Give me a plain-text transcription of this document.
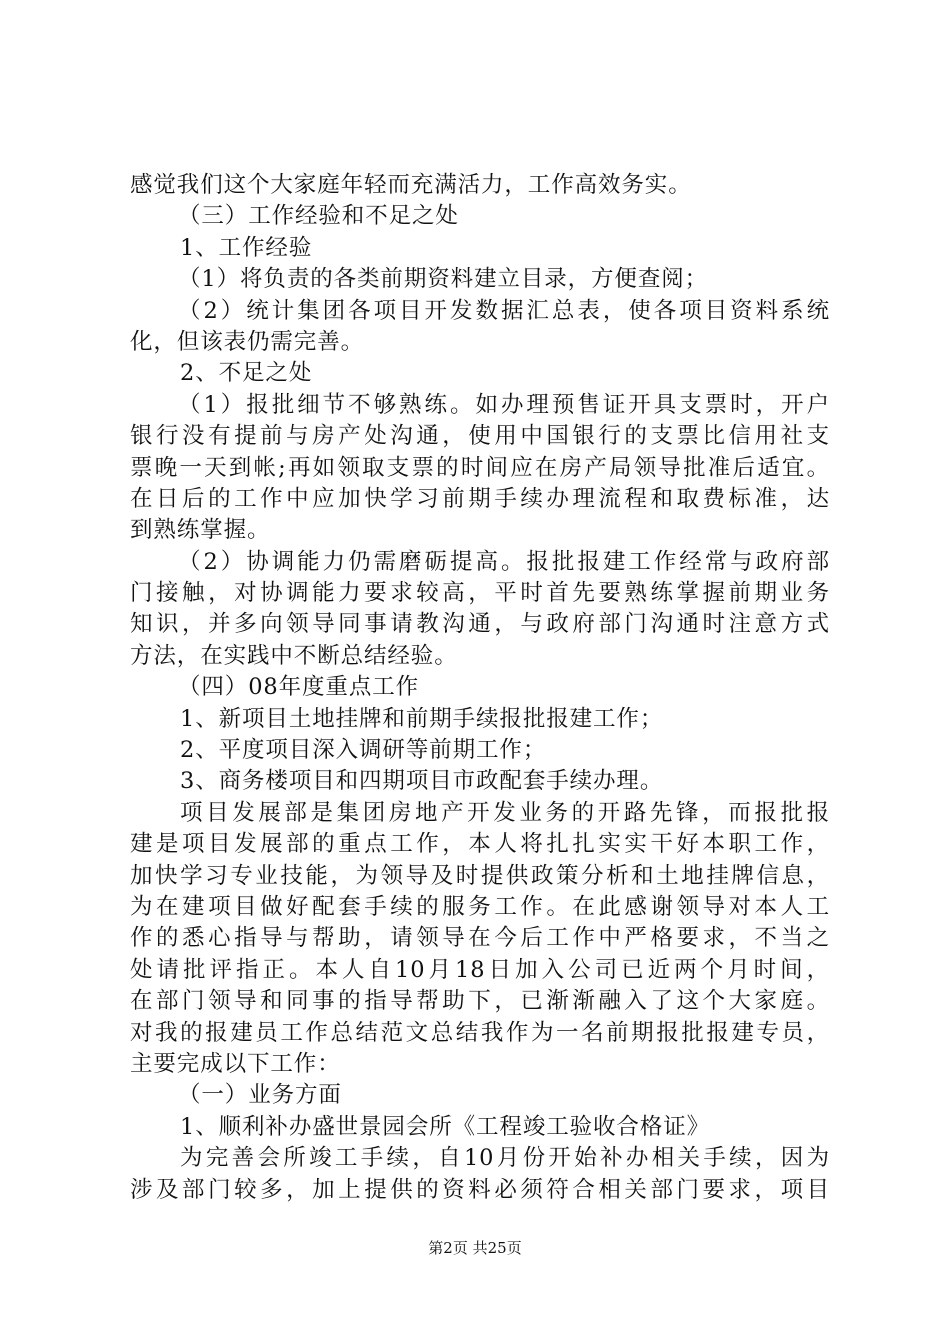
感觉我们这个大家庭年轻而充满活力，工作高效务实。
（三）工作经验和不足之处
1、工作经验
（1）将负责的各类前期资料建立目录，方便查阅；
（2）统计集团各项目开发数据汇总表，使各项目资料系统
化，但该表仍需完善。
2、不足之处
（1）报批细节不够熟练。如办理预售证开具支票时，开户
银行没有提前与房产处沟通，使用中国银行的支票比信用社支
票晚一天到帐;再如领取支票的时间应在房产局领导批准后适宜。
在日后的工作中应加快学习前期手续办理流程和取费标准，达
到熟练掌握。
（2）协调能力仍需磨砺提高。报批报建工作经常与政府部
门接触，对协调能力要求较高，平时首先要熟练掌握前期业务
知识，并多向领导同事请教沟通，与政府部门沟通时注意方式
方法，在实践中不断总结经验。
（四）08年度重点工作
1、新项目土地挂牌和前期手续报批报建工作；
2、平度项目深入调研等前期工作；
3、商务楼项目和四期项目市政配套手续办理。
项目发展部是集团房地产开发业务的开路先锋，而报批报
建是项目发展部的重点工作，本人将扎扎实实干好本职工作，
加快学习专业技能，为领导及时提供政策分析和土地挂牌信息，
为在建项目做好配套手续的服务工作。在此感谢领导对本人工
作的悉心指导与帮助，请领导在今后工作中严格要求，不当之
处请批评指正。本人自10月18日加入公司已近两个月时间，
在部门领导和同事的指导帮助下，已渐渐融入了这个大家庭。
对我的报建员工作总结范文总结我作为一名前期报批报建专员，
主要完成以下工作：
（一）业务方面
1、顺利补办盛世景园会所《工程竣工验收合格证》
为完善会所竣工手续，自10月份开始补办相关手续，因为
涉及部门较多，加上提供的资料必须符合相关部门要求，项目
第2页 共25页
